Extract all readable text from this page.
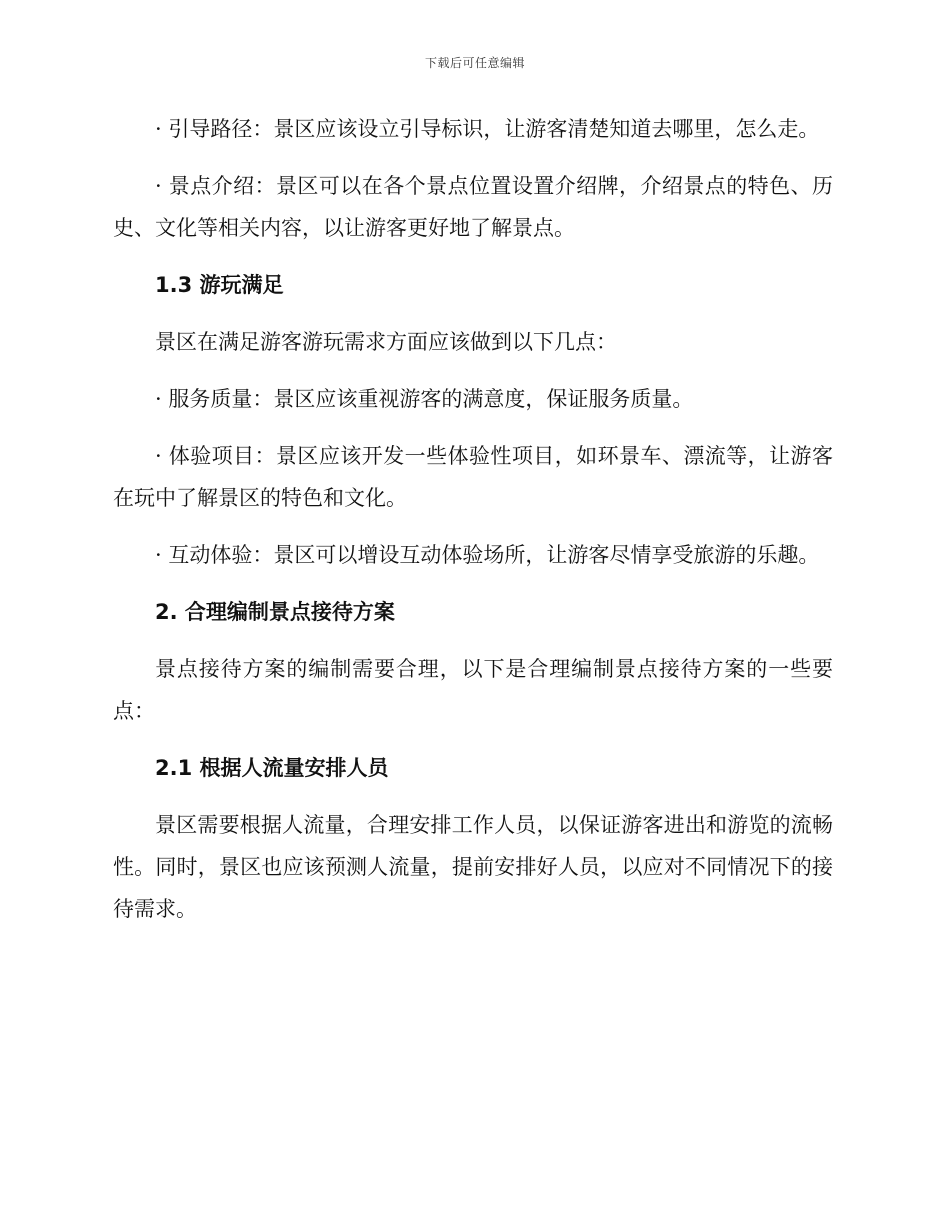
下载后可任意编辑

· 引导路径：景区应该设立引导标识，让游客清楚知道去哪里，怎么走。

· 景点介绍：景区可以在各个景点位置设置介绍牌，介绍景点的特色、历史、文化等相关内容，以让游客更好地了解景点。

1.3 游玩满足

景区在满足游客游玩需求方面应该做到以下几点：

· 服务质量：景区应该重视游客的满意度，保证服务质量。

· 体验项目：景区应该开发一些体验性项目，如环景车、漂流等，让游客在玩中了解景区的特色和文化。

· 互动体验：景区可以增设互动体验场所，让游客尽情享受旅游的乐趣。

2. 合理编制景点接待方案

景点接待方案的编制需要合理，以下是合理编制景点接待方案的一些要点：

2.1 根据人流量安排人员

景区需要根据人流量，合理安排工作人员，以保证游客进出和游览的流畅性。同时，景区也应该预测人流量，提前安排好人员，以应对不同情况下的接待需求。
